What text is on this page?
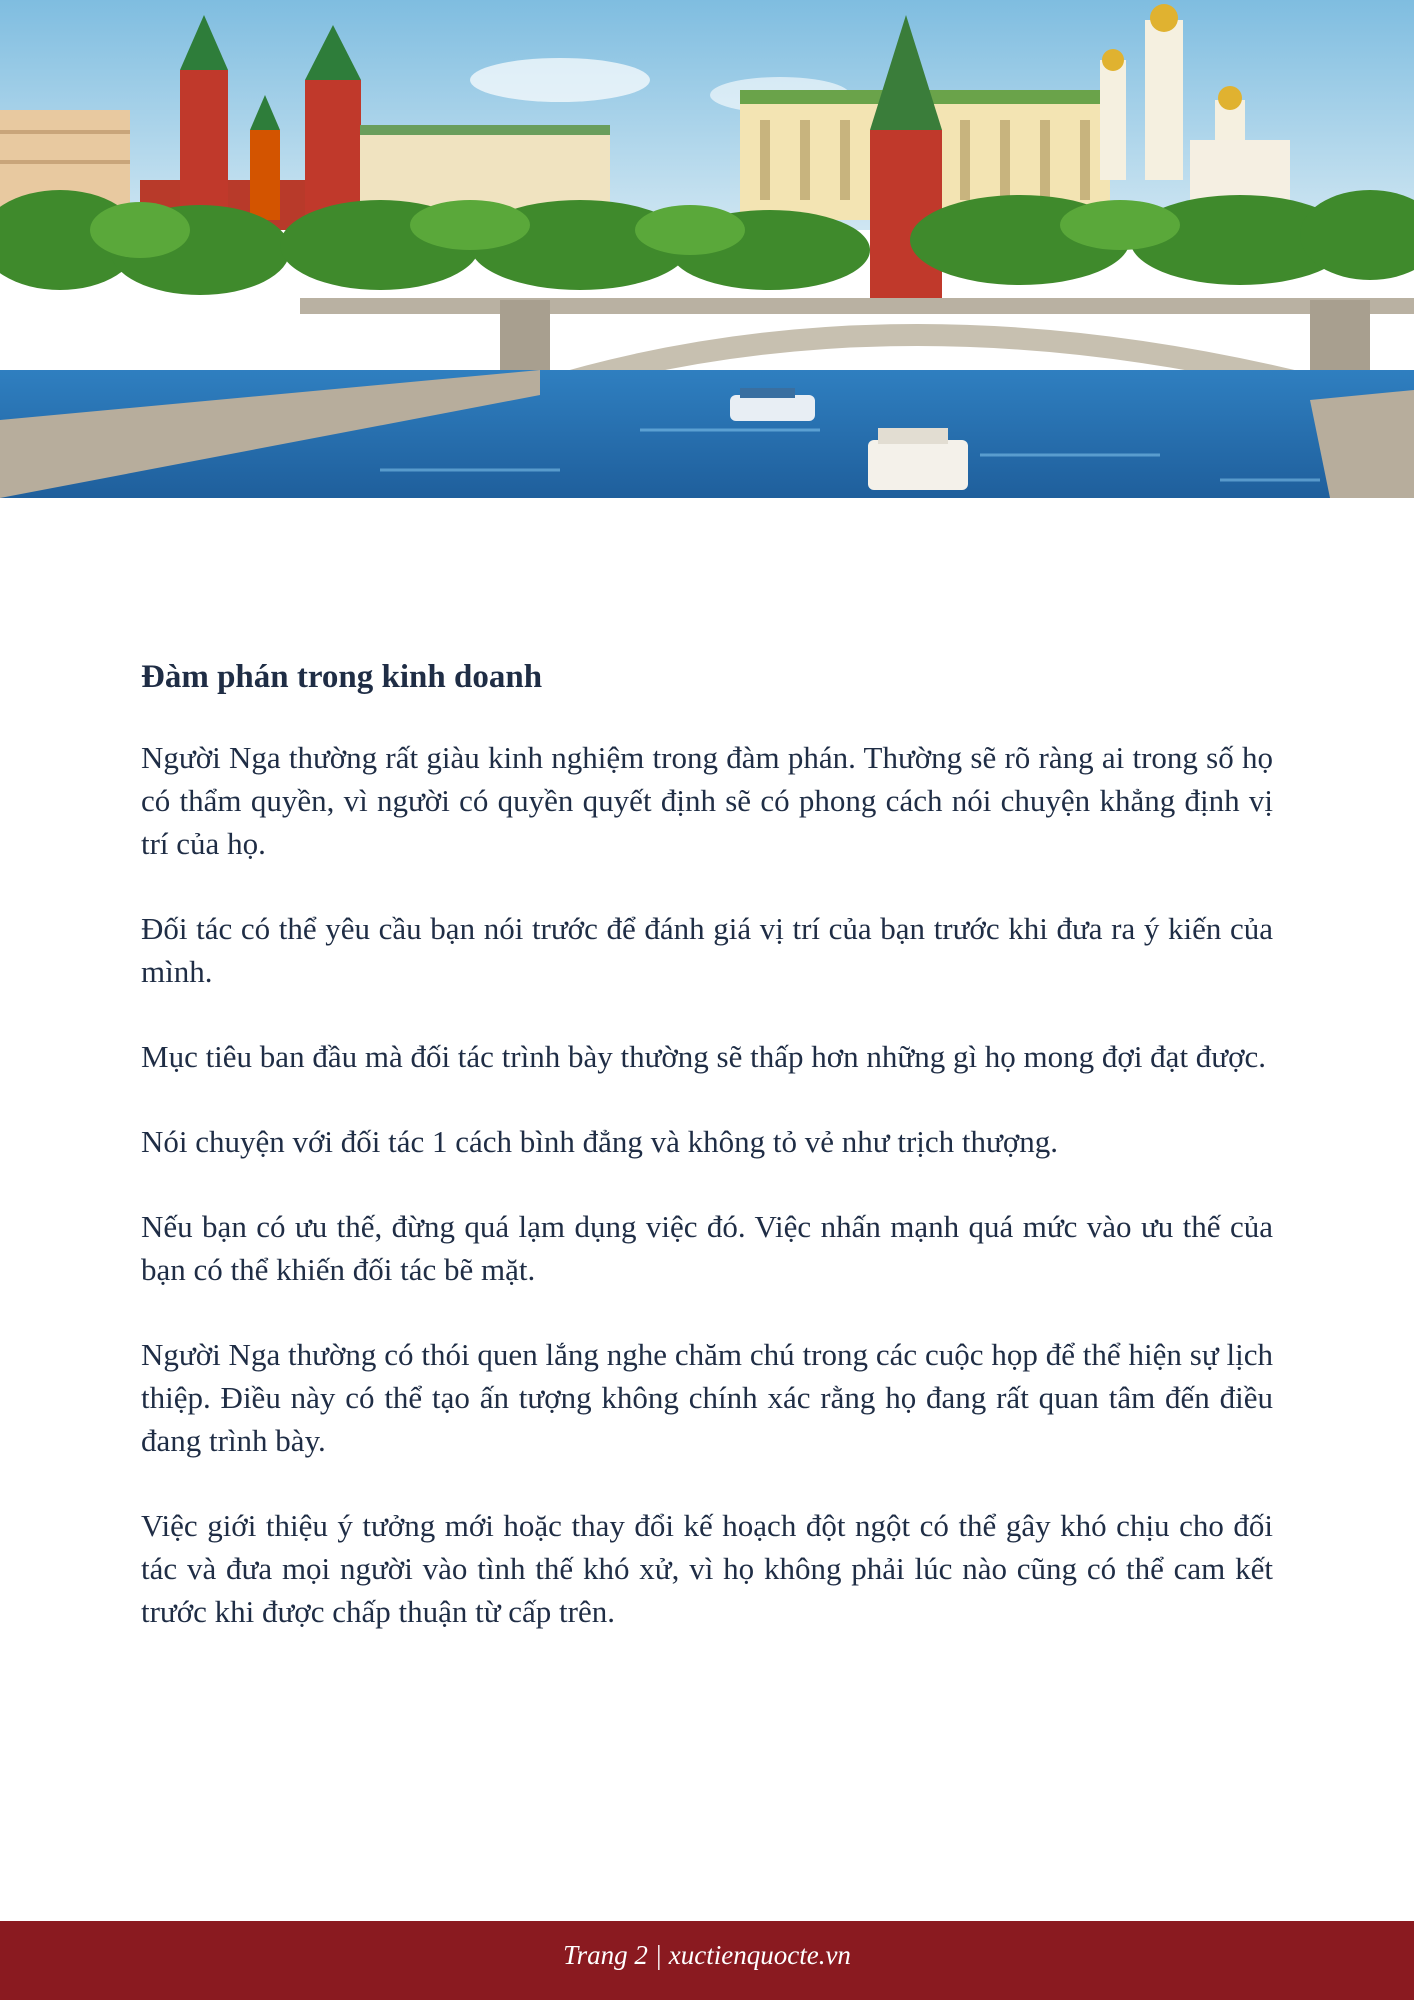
Đàm phán trong kinh doanh

Người Nga thường rất giàu kinh nghiệm trong đàm phán. Thường sẽ rõ ràng ai trong số họ có thẩm quyền, vì người có quyền quyết định sẽ có phong cách nói chuyện khẳng định vị trí của họ.

Đối tác có thể yêu cầu bạn nói trước để đánh giá vị trí của bạn trước khi đưa ra ý kiến của mình.

Mục tiêu ban đầu mà đối tác trình bày thường sẽ thấp hơn những gì họ mong đợi đạt được.

Nói chuyện với đối tác 1 cách bình đẳng và không tỏ vẻ như trịch thượng.

Nếu bạn có ưu thế, đừng quá lạm dụng việc đó. Việc nhấn mạnh quá mức vào ưu thế của bạn có thể khiến đối tác bẽ mặt.

Người Nga thường có thói quen lắng nghe chăm chú trong các cuộc họp để thể hiện sự lịch thiệp. Điều này có thể tạo ấn tượng không chính xác rằng họ đang rất quan tâm đến điều đang trình bày.

Việc giới thiệu ý tưởng mới hoặc thay đổi kế hoạch đột ngột có thể gây khó chịu cho đối tác và đưa mọi người vào tình thế khó xử, vì họ không phải lúc nào cũng có thể cam kết trước khi được chấp thuận từ cấp trên.

Trang 2 | xuctienquocte.vn
